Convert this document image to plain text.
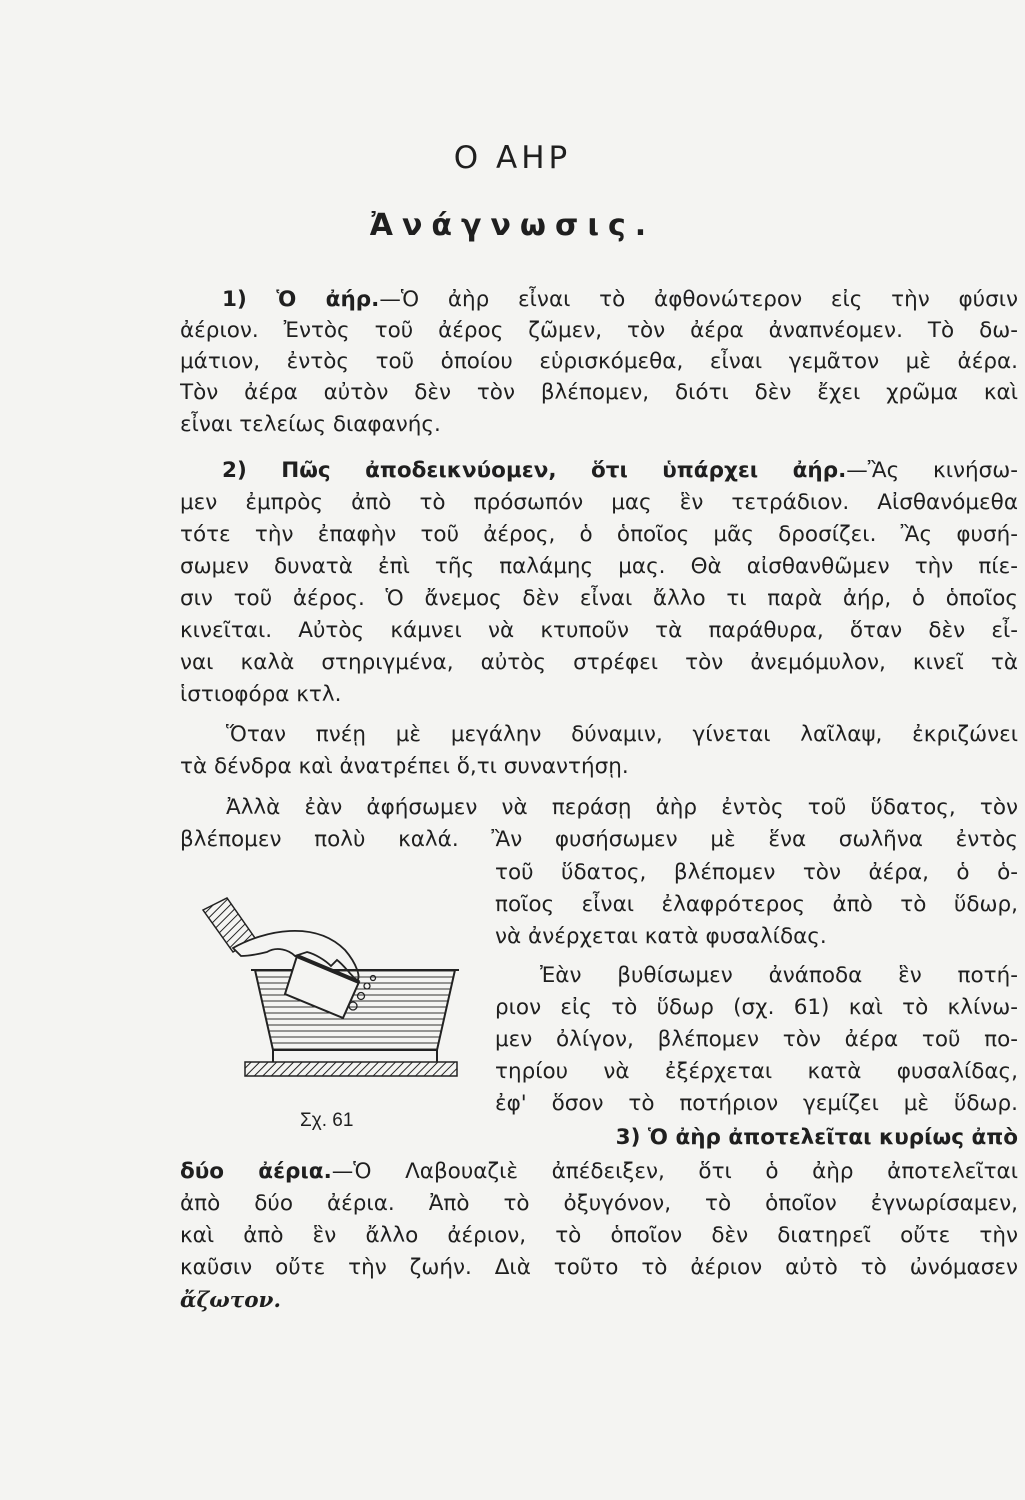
Ο ΑΗΡ
Ἀνάγνωσις.
1) Ὁ ἀήρ.—Ὁ ἀὴρ εἶναι τὸ ἀφθονώτερον εἰς τὴν φύσιν
ἀέριον. Ἐντὸς τοῦ ἀέρος ζῶμεν, τὸν ἀέρα ἀναπνέομεν. Τὸ δω-
μάτιον, ἐντὸς τοῦ ὁποίου εὑρισκόμεθα, εἶναι γεμᾶτον μὲ ἀέρα.
Τὸν ἀέρα αὐτὸν δὲν τὸν βλέπομεν, διότι δὲν ἔχει χρῶμα καὶ
εἶναι τελείως διαφανής.
2) Πῶς ἀποδεικνύομεν, ὅτι ὑπάρχει ἀήρ.—Ἂς κινήσω-
μεν ἐμπρὸς ἀπὸ τὸ πρόσωπόν μας ἓν τετράδιον. Αἰσθανόμεθα
τότε τὴν ἐπαφὴν τοῦ ἀέρος, ὁ ὁποῖος μᾶς δροσίζει. Ἂς φυσή-
σωμεν δυνατὰ ἐπὶ τῆς παλάμης μας. Θὰ αἰσθανθῶμεν τὴν πίε-
σιν τοῦ ἀέρος. Ὁ ἄνεμος δὲν εἶναι ἄλλο τι παρὰ ἀήρ, ὁ ὁποῖος
κινεῖται. Αὐτὸς κάμνει νὰ κτυποῦν τὰ παράθυρα, ὅταν δὲν εἶ-
ναι καλὰ στηριγμένα, αὐτὸς στρέφει τὸν ἀνεμόμυλον, κινεῖ τὰ
ἱστιοφόρα κτλ.
Ὅταν πνέῃ μὲ μεγάλην δύναμιν, γίνεται λαῖλαψ, ἐκριζώνει
τὰ δένδρα καὶ ἀνατρέπει ὅ,τι συναντήσῃ.
Ἀλλὰ ἐὰν ἀφήσωμεν νὰ περάσῃ ἀὴρ ἐντὸς τοῦ ὕδατος, τὸν
βλέπομεν πολὺ καλά. Ἂν φυσήσωμεν μὲ ἕνα σωλῆνα ἐντὸς
τοῦ ὕδατος, βλέπομεν τὸν ἀέρα, ὁ ὁ-
ποῖος εἶναι ἐλαφρότερος ἀπὸ τὸ ὕδωρ,
νὰ ἀνέρχεται κατὰ φυσαλίδας.
Ἐὰν βυθίσωμεν ἀνάποδα ἓν ποτή-
ριον εἰς τὸ ὕδωρ (σχ. 61) καὶ τὸ κλίνω-
μεν ὀλίγον, βλέπομεν τὸν ἀέρα τοῦ πο-
τηρίου νὰ ἐξέρχεται κατὰ φυσαλίδας,
ἐφ' ὅσον τὸ ποτήριον γεμίζει μὲ ὕδωρ.
3) Ὁ ἀὴρ ἀποτελεῖται κυρίως ἀπὸ
δύο ἀέρια.—Ὁ Λαβουαζιὲ ἀπέδειξεν, ὅτι ὁ ἀὴρ ἀποτελεῖται
ἀπὸ δύο ἀέρια. Ἀπὸ τὸ ὀξυγόνον, τὸ ὁποῖον ἐγνωρίσαμεν,
καὶ ἀπὸ ἓν ἄλλο ἀέριον, τὸ ὁποῖον δὲν διατηρεῖ οὔτε τὴν
καῦσιν οὔτε τὴν ζωήν. Διὰ τοῦτο τὸ ἀέριον αὐτὸ τὸ ὠνόμασεν
ἄζωτον.
Σχ. 61
